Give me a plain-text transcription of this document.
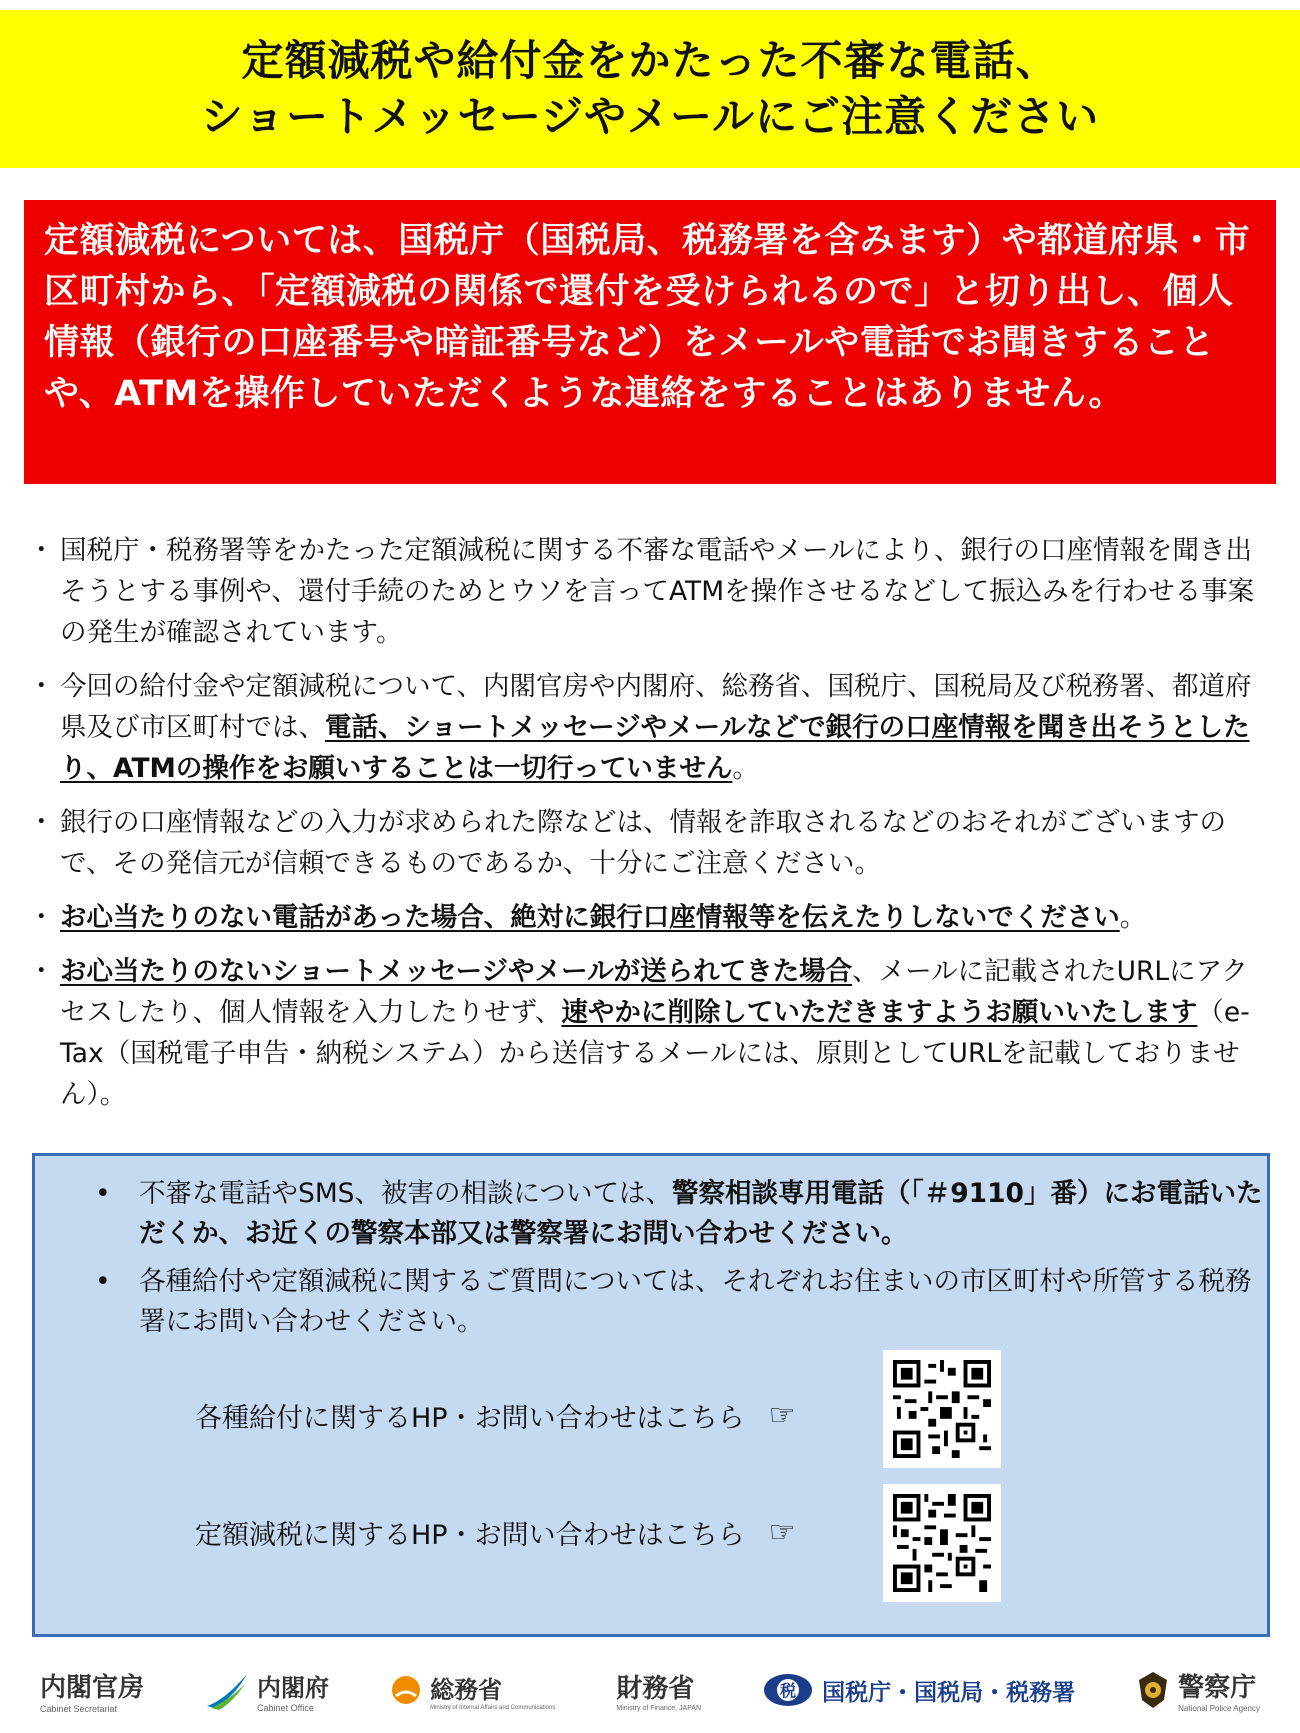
定額減税や給付金をかたった不審な電話、
ショートメッセージやメールにご注意ください
定額減税については、国税庁（国税局、税務署を含みます）や都道府県・市区町村から、「定額減税の関係で還付を受けられるので」と切り出し、個人情報（銀行の口座番号や暗証番号など）をメールや電話でお聞きすることや、ATMを操作していただくような連絡をすることはありません。
・ 国税庁・税務署等をかたった定額減税に関する不審な電話やメールにより、銀行の口座情報を聞き出そうとする事例や、還付手続のためとウソを言ってATMを操作させるなどして振込みを行わせる事案の発生が確認されています。
・ 今回の給付金や定額減税について、内閣官房や内閣府、総務省、国税庁、国税局及び税務署、都道府県及び市区町村では、電話、ショートメッセージやメールなどで銀行の口座情報を聞き出そうとしたり、ATMの操作をお願いすることは一切行っていません。
・ 銀行の口座情報などの入力が求められた際などは、情報を詐取されるなどのおそれがございますので、その発信元が信頼できるものであるか、十分にご注意ください。
・ お心当たりのない電話があった場合、絶対に銀行口座情報等を伝えたりしないでください。
・ お心当たりのないショートメッセージやメールが送られてきた場合、メールに記載されたURLにアクセスしたり、個人情報を入力したりせず、速やかに削除していただきますようお願いいたします（e-Tax（国税電子申告・納税システム）から送信するメールには、原則としてURLを記載しておりません）。
• 不審な電話やSMS、被害の相談については、警察相談専用電話（「＃9110」番）にお電話いただくか、お近くの警察本部又は警察署にお問い合わせください。
• 各種給付や定額減税に関するご質問については、それぞれお住まいの市区町村や所管する税務署にお問い合わせください。
各種給付に関するHP・お問い合わせはこちら ☞
定額減税に関するHP・お問い合わせはこちら ☞
内閣官房
Cabinet Secretariat
内閣府
Cabinet Office
総務省
Ministry of Internal Affairs and Communications
財務省
Ministry of Finance, JAPAN
税 国税庁・国税局・税務署	警察庁
National Police Agency
